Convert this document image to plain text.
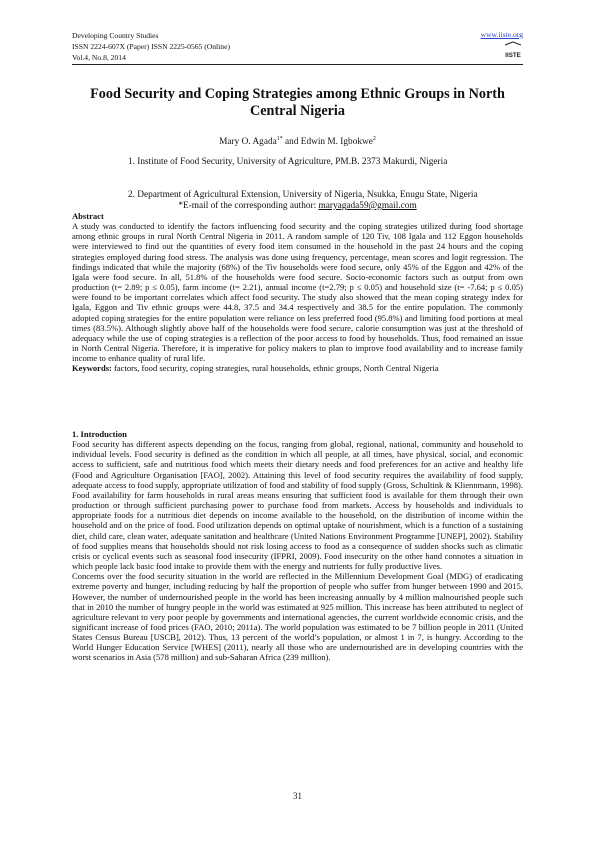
Developing Country Studies
ISSN 2224-607X (Paper) ISSN 2225-0565 (Online)
Vol.4, No.8, 2014
www.iiste.org
IISTE
Food Security and Coping Strategies among Ethnic Groups in North Central Nigeria
Mary O. Agada$^{1*}$ and Edwin M. Igbokwe$^2$
1. Institute of Food Security, University of Agriculture, PM.B. 2373 Makurdi, Nigeria
2. Department of Agricultural Extension, University of Nigeria, Nsukka, Enugu State, Nigeria
*E-mail of the corresponding author: maryagada59@gmail.com

Abstract

A study was conducted to identify the factors influencing food security and the coping strategies utilized during food shortage among ethnic groups in rural North Central Nigeria in 2011. A random sample of 120 Tiv, 108 Igala and 112 Eggon households were interviewed to find out the quantities of every food item consumed in the household in the past 24 hours and the coping strategies employed during food stress. The analysis was done using frequency, percentage, mean scores and logit regression. The findings indicated that while the majority (68%) of the Tiv households were food secure, only 45% of the Eggon and 42% of the Igala were food secure. In all, 51.8% of the households were food secure. Socio-economic factors such as output from own production (t= 2.89; p ≤ 0.05), farm income (t= 2.21), annual income (t=2.79; p ≤ 0.05) and household size (t= -7.64; p ≤ 0.05) were found to be important correlates which affect food security. The study also showed that the mean coping strategy index for Igala, Eggon and Tiv ethnic groups were 44.8, 37.5 and 34.4 respectively and 38.5 for the entire population. The commonly adopted coping strategies for the entire population were reliance on less preferred food (95.8%) and limiting food portions at meal times (83.5%). Although slightly above half of the households were food secure, calorie consumption was just at the threshold of adequacy while the use of coping strategies is a reflection of the poor access to food by households. Thus, food remained an issue in North Central Nigeria. Therefore, it is imperative for policy makers to plan to improve food availability and to increase family income to enhance quality of rural life.

Keywords: factors, food security, coping strategies, rural households, ethnic groups, North Central Nigeria

1. Introduction

Food security has different aspects depending on the focus, ranging from global, regional, national, community and household to individual levels. Food security is defined as the condition in which all people, at all times, have physical, social, and economic access to sufficient, safe and nutritious food which meets their dietary needs and food preferences for an active and healthy life (Food and Agriculture Organisation [FAO], 2002). Attaining this level of food security requires the availability of food supply, adequate access to food supply, appropriate utilization of food and stability of food supply (Gross, Schultink & Kliennmann, 1998). Food availability for farm households in rural areas means ensuring that sufficient food is available for them through their own production or through sufficient purchasing power to purchase food from markets. Access by households and individuals to appropriate foods for a nutritious diet depends on income available to the household, on the distribution of income within the household and on the price of food. Food utilization depends on optimal uptake of nourishment, which is a function of a sustaining diet, child care, clean water, adequate sanitation and healthcare (United Nations Environment Programme [UNEP], 2002). Stability of food supplies means that households should not risk losing access to food as a consequence of sudden shocks such as climatic crisis or cyclical events such as seasonal food insecurity (IFPRI, 2009). Food insecurity on the other hand connotes a situation in which people lack basic food intake to provide them with the energy and nutrients for fully productive lives.

Concerns over the food security situation in the world are reflected in the Millennium Development Goal (MDG) of eradicating extreme poverty and hunger, including reducing by half the proportion of people who suffer from hunger between 1990 and 2015. However, the number of undernourished people in the world has been increasing annually by 4 million malnourished people such that in 2010 the number of hungry people in the world was estimated at 925 million. This increase has been attributed to neglect of agriculture relevant to very poor people by governments and international agencies, the current worldwide economic crisis, and the significant increase of food prices (FAO, 2010; 2011a). The world population was estimated to be 7 billion people in 2011 (United States Census Bureau [USCB], 2012). Thus, 13 percent of the world’s population, or almost 1 in 7, is hungry. According to the World Hunger Education Service [WHES] (2011), nearly all those who are undernourished are in developing countries with the worst scenarios in Asia (578 million) and sub-Saharan Africa (239 million).

31
